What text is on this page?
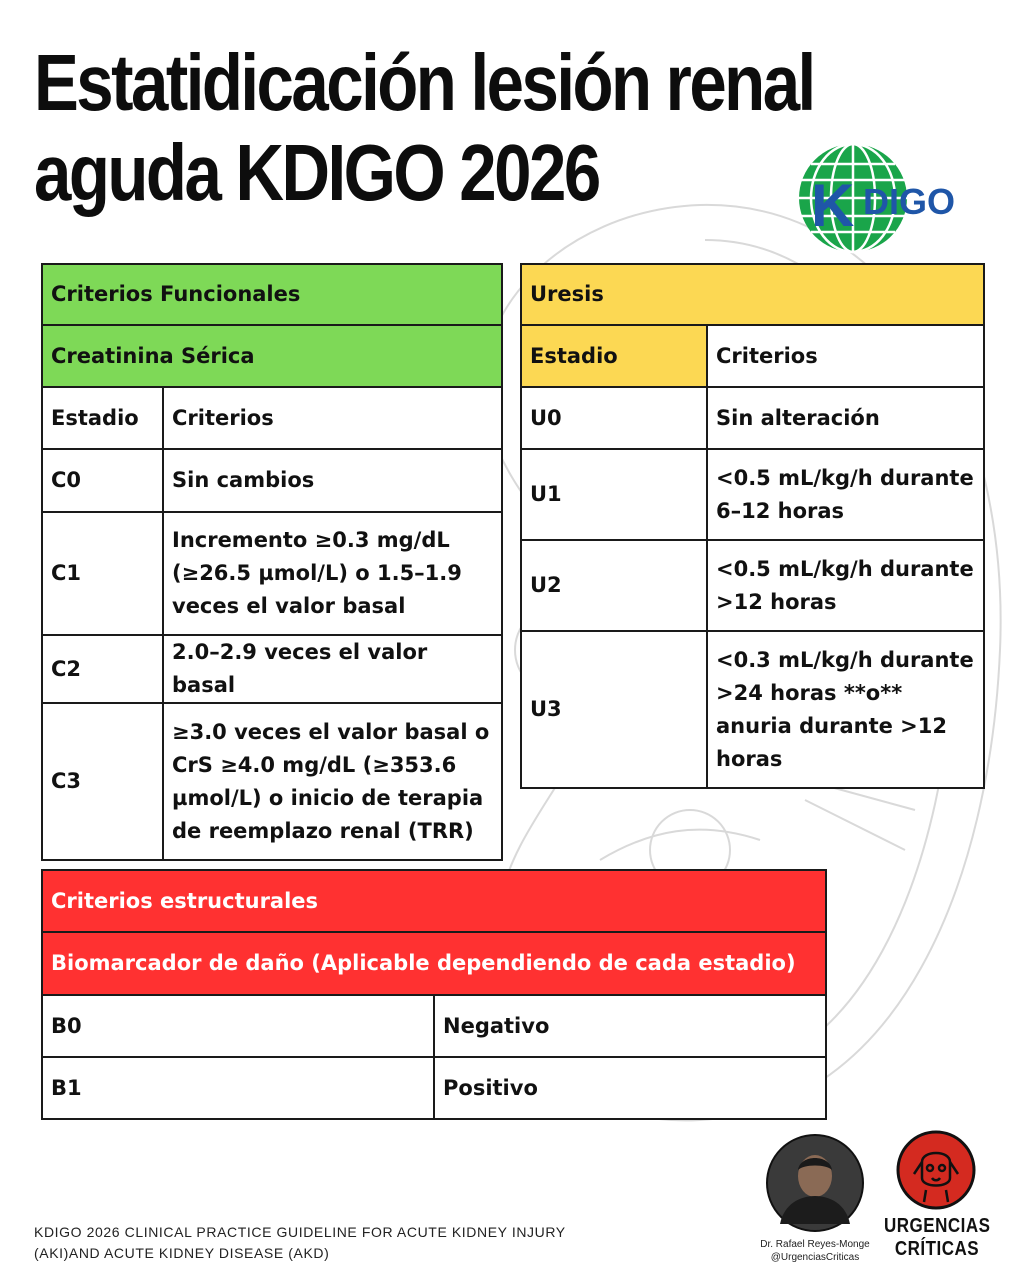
Estatidicación lesión renal
aguda KDIGO 2026	K DIGO
Criterios Funcionales	
Creatinina Sérica	
Estadio	Criterios
C0	Sin cambios
C1	Incremento ≥0.3 mg/dL (≥26.5 µmol/L) o 1.5–1.9 veces el valor basal
C2	2.0–2.9 veces el valor basal
C3	≥3.0 veces el valor basal o CrS ≥4.0 mg/dL (≥353.6 µmol/L) o inicio de terapia de reemplazo renal (TRR)
Uresis	
Estadio	Criterios
U0	Sin alteración
U1	<0.5 mL/kg/h durante 6–12 horas
U2	<0.5 mL/kg/h durante >12 horas
U3	<0.3 mL/kg/h durante >24 horas **o** anuria durante >12 horas
Criterios estructurales	
Biomarcador de daño (Aplicable dependiendo de cada estadio)	
B0	Negativo
B1	Positivo
KDIGO 2026 CLINICAL PRACTICE GUIDELINE FOR ACUTE KIDNEY INJURY
(AKI)AND ACUTE KIDNEY DISEASE (AKD)
Dr. Rafael Reyes-Monge
@UrgenciasCriticas
URGENCIAS
CRÍTICAS
